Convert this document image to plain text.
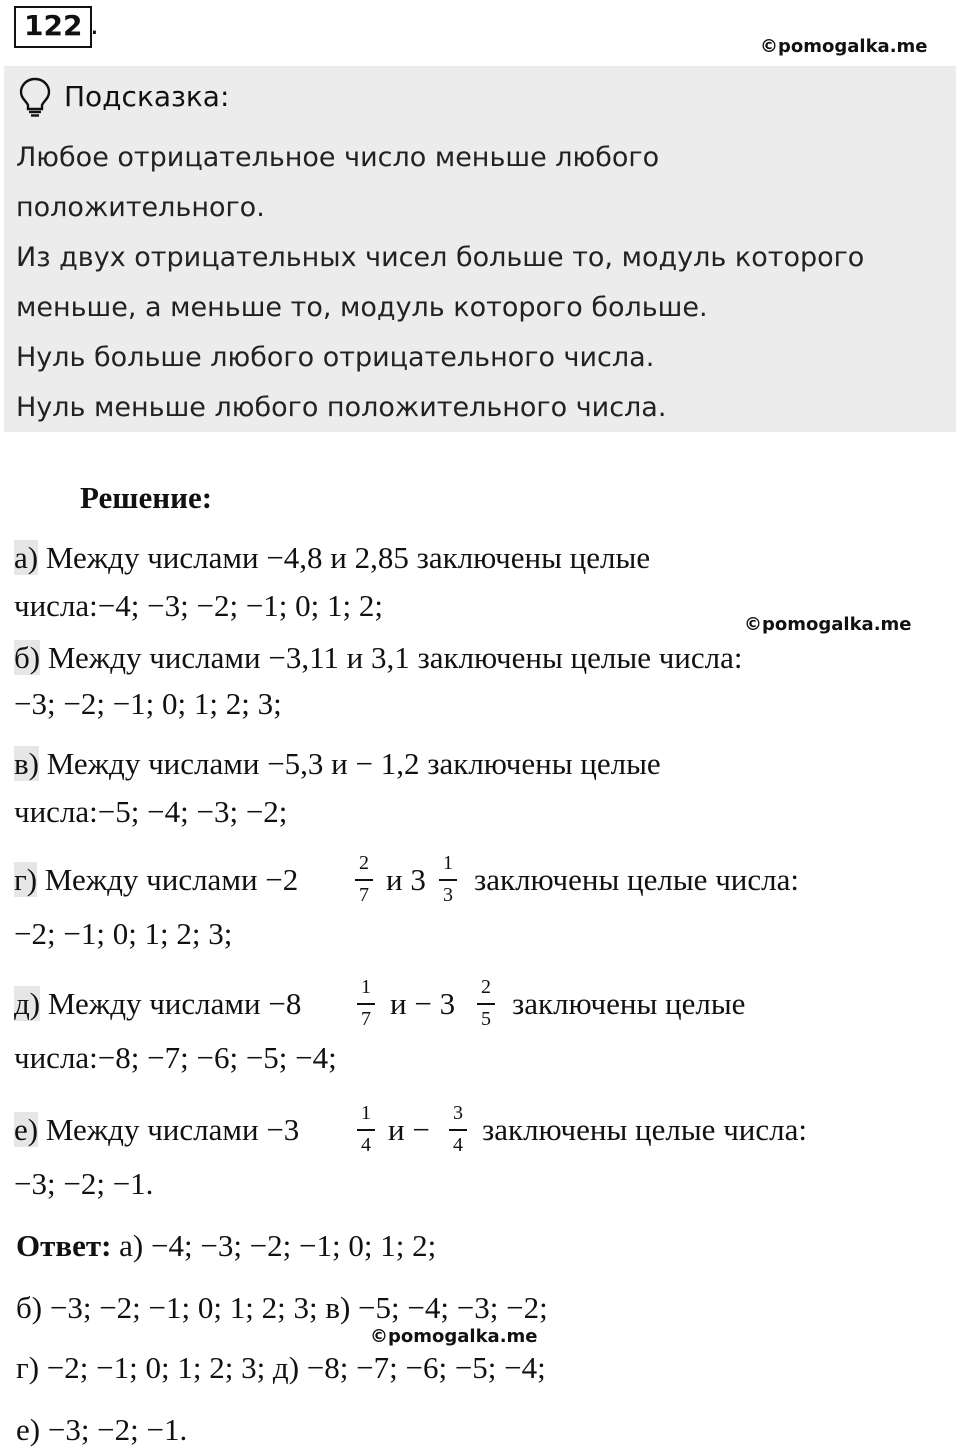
122 .
©pomogalka.me
Подсказка:
Любое отрицательное число меньше любого
положительного.
Из двух отрицательных чисел больше то, модуль которого
меньше, а меньше то, модуль которого больше.
Нуль больше любого отрицательного числа.
Нуль меньше любого положительного числа.
Решение:
а) Между числами −4,8 и 2,85 заключены целые
числа:−4; −3; −2; −1; 0; 1; 2;
©pomogalka.me
б) Между числами −3,11 и 3,1 заключены целые числа:
−3; −2; −1; 0; 1; 2; 3;
в) Между числами −5,3 и − 1,2 заключены целые
числа:−5; −4; −3; −2;
г) Между числами −2	2
7 и 3 1
3 заключены целые числа:
−2; −1; 0; 1; 2; 3;
д) Между числами −8	1
7 и − 3 2
5 заключены целые
числа:−8; −7; −6; −5; −4;
е) Между числами −3	1
4 и − 3
4 заключены целые числа:
−3; −2; −1.
Ответ: а) −4; −3; −2; −1; 0; 1; 2;
б) −3; −2; −1; 0; 1; 2; 3; в) −5; −4; −3; −2;
©pomogalka.me
г) −2; −1; 0; 1; 2; 3; д) −8; −7; −6; −5; −4;
е) −3; −2; −1.
